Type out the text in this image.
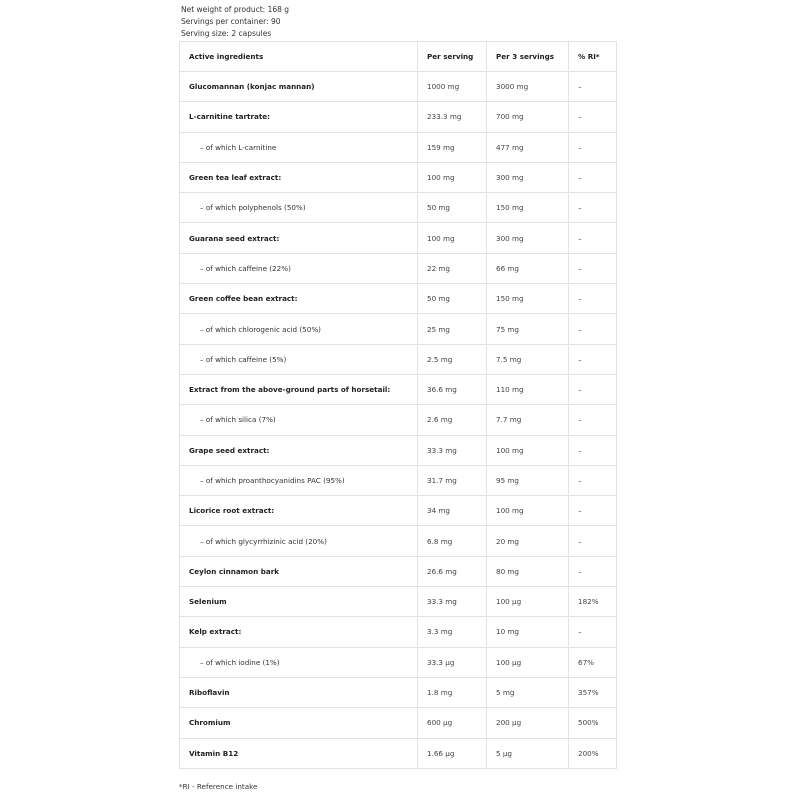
Net weight of product: 168 g
Servings per container: 90
Serving size: 2 capsules
Active ingredients	Per serving	Per 3 servings	% RI*
Glucomannan (konjac mannan)	1000 mg	3000 mg	–
L-carnitine tartrate:	233.3 mg	700 mg	–
– of which L-carnitine	159 mg	477 mg	–
Green tea leaf extract:	100 mg	300 mg	–
– of which polyphenols (50%)	50 mg	150 mg	–
Guarana seed extract:	100 mg	300 mg	–
– of which caffeine (22%)	22 mg	66 mg	–
Green coffee bean extract:	50 mg	150 mg	–
– of which chlorogenic acid (50%)	25 mg	75 mg	–
– of which caffeine (5%)	2.5 mg	7.5 mg	–
Extract from the above-ground parts of horsetail:	36.6 mg	110 mg	–
– of which silica (7%)	2.6 mg	7.7 mg	–
Grape seed extract:	33.3 mg	100 mg	–
– of which proanthocyanidins PAC (95%)	31.7 mg	95 mg	–
Licorice root extract:	34 mg	100 mg	–
– of which glycyrrhizinic acid (20%)	6.8 mg	20 mg	–
Ceylon cinnamon bark	26.6 mg	80 mg	–
Selenium	33.3 mg	100 µg	182%
Kelp extract:	3.3 mg	10 mg	–
– of which iodine (1%)	33.3 µg	100 µg	67%
Riboflavin	1.8 mg	5 mg	357%
Chromium	600 µg	200 µg	500%
Vitamin B12	1.66 µg	5 µg	200%
*RI - Reference intake
